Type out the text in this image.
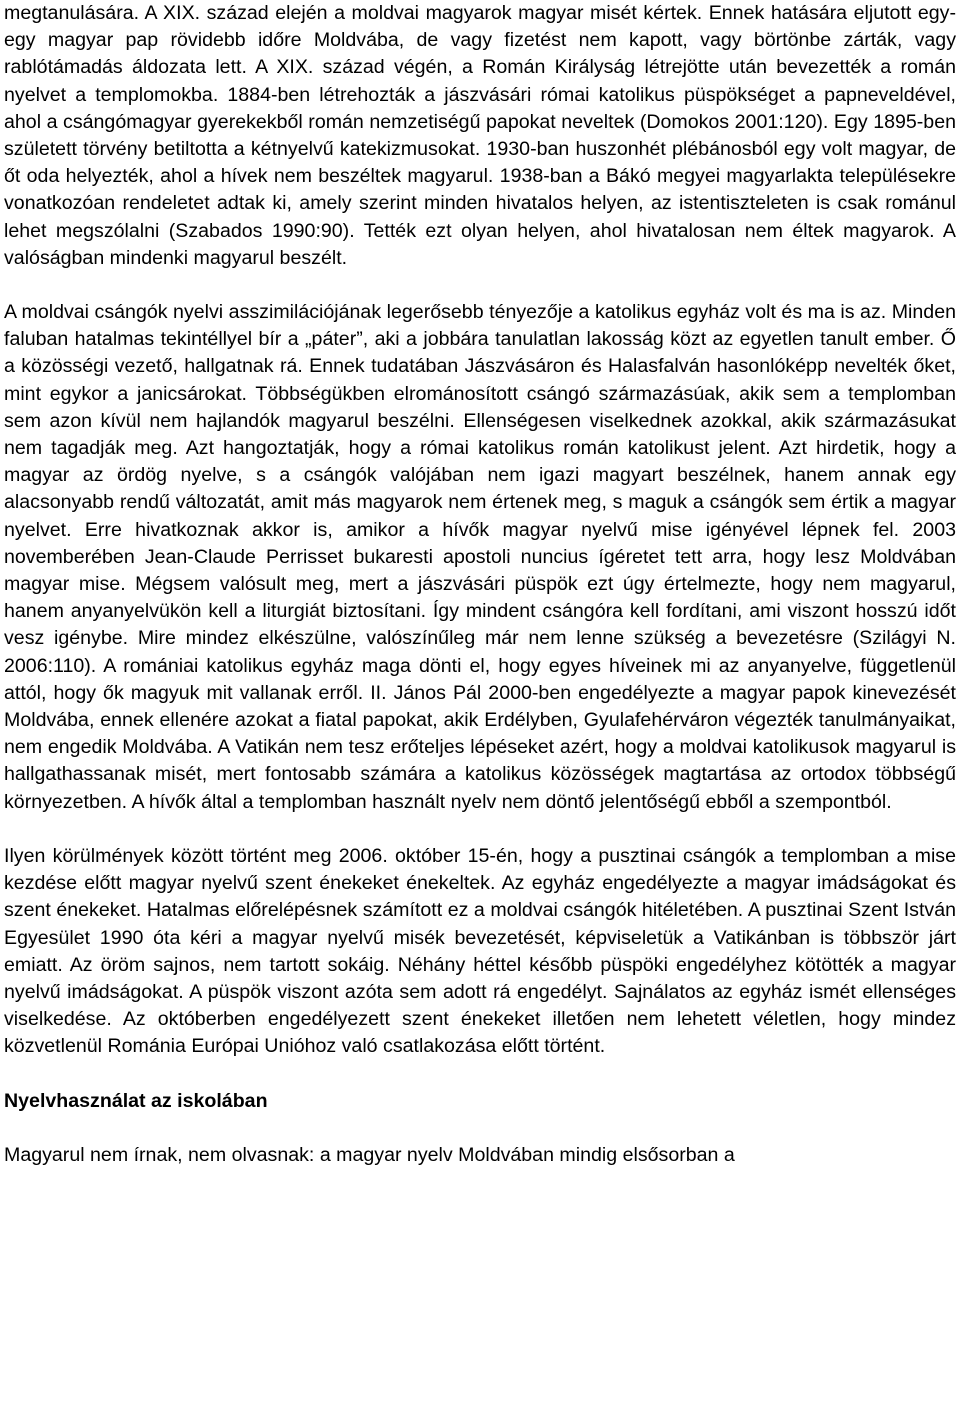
megtanulására. A XIX. század elején a moldvai magyarok magyar misét kértek. Ennek hatására eljutott egy-egy magyar pap rövidebb időre Moldvába, de vagy fizetést nem kapott, vagy börtönbe zárták, vagy rablótámadás áldozata lett. A XIX. század végén, a Román Királyság létrejötte után bevezették a román nyelvet a templomokba. 1884-ben létrehozták a jászvásári római katolikus püspökséget a papneveldével, ahol a csángómagyar gyerekekből román nemzetiségű papokat neveltek (Domokos 2001:120). Egy 1895-ben született törvény betiltotta a kétnyelvű katekizmusokat. 1930-ban huszonhét plébánosból egy volt magyar, de őt oda helyezték, ahol a hívek nem beszéltek magyarul. 1938-ban a Bákó megyei magyarlakta településekre vonatkozóan rendeletet adtak ki, amely szerint minden hivatalos helyen, az istentiszteleten is csak románul lehet megszólalni (Szabados 1990:90). Tették ezt olyan helyen, ahol hivatalosan nem éltek magyarok. A valóságban mindenki magyarul beszélt.

A moldvai csángók nyelvi asszimilációjának legerősebb tényezője a katolikus egyház volt és ma is az. Minden faluban hatalmas tekintéllyel bír a „páter”, aki a jobbára tanulatlan lakosság közt az egyetlen tanult ember. Ő a közösségi vezető, hallgatnak rá. Ennek tudatában Jászvásáron és Halasfalván hasonlóképp nevelték őket, mint egykor a janicsárokat. Többségükben elrománosított csángó származásúak, akik sem a templomban sem azon kívül nem hajlandók magyarul beszélni. Ellenségesen viselkednek azokkal, akik származásukat nem tagadják meg. Azt hangoztatják, hogy a római katolikus román katolikust jelent. Azt hirdetik, hogy a magyar az ördög nyelve, s a csángók valójában nem igazi magyart beszélnek, hanem annak egy alacsonyabb rendű változatát, amit más magyarok nem értenek meg, s maguk a csángók sem értik a magyar nyelvet. Erre hivatkoznak akkor is, amikor a hívők magyar nyelvű mise igényével lépnek fel. 2003 novemberében Jean-Claude Perrisset bukaresti apostoli nuncius ígéretet tett arra, hogy lesz Moldvában magyar mise. Mégsem valósult meg, mert a jászvásári püspök ezt úgy értelmezte, hogy nem magyarul, hanem anyanyelvükön kell a liturgiát biztosítani. Így mindent csángóra kell fordítani, ami viszont hosszú időt vesz igénybe. Mire mindez elkészülne, valószínűleg már nem lenne szükség a bevezetésre (Szilágyi N. 2006:110). A romániai katolikus egyház maga dönti el, hogy egyes híveinek mi az anyanyelve, függetlenül attól, hogy ők magyuk mit vallanak erről. II. János Pál 2000-ben engedélyezte a magyar papok kinevezését Moldvába, ennek ellenére azokat a fiatal papokat, akik Erdélyben, Gyulafehérváron végezték tanulmányaikat, nem engedik Moldvába. A Vatikán nem tesz erőteljes lépéseket azért, hogy a moldvai katolikusok magyarul is hallgathassanak misét, mert fontosabb számára a katolikus közösségek magtartása az ortodox többségű környezetben. A hívők által a templomban használt nyelv nem döntő jelentőségű ebből a szempontból.

Ilyen körülmények között történt meg 2006. október 15-én, hogy a pusztinai csángók a templomban a mise kezdése előtt magyar nyelvű szent énekeket énekeltek. Az egyház engedélyezte a magyar imádságokat és szent énekeket. Hatalmas előrelépésnek számított ez a moldvai csángók hitéletében. A pusztinai Szent István Egyesület 1990 óta kéri a magyar nyelvű misék bevezetését, képviseletük a Vatikánban is többször járt emiatt. Az öröm sajnos, nem tartott sokáig. Néhány héttel később püspöki engedélyhez kötötték a magyar nyelvű imádságokat. A püspök viszont azóta sem adott rá engedélyt. Sajnálatos az egyház ismét ellenséges viselkedése. Az októberben engedélyezett szent énekeket illetően nem lehetett véletlen, hogy mindez közvetlenül Románia Európai Unióhoz való csatlakozása előtt történt.

Nyelvhasználat az iskolában

Magyarul nem írnak, nem olvasnak: a magyar nyelv Moldvában mindig elsősorban a
